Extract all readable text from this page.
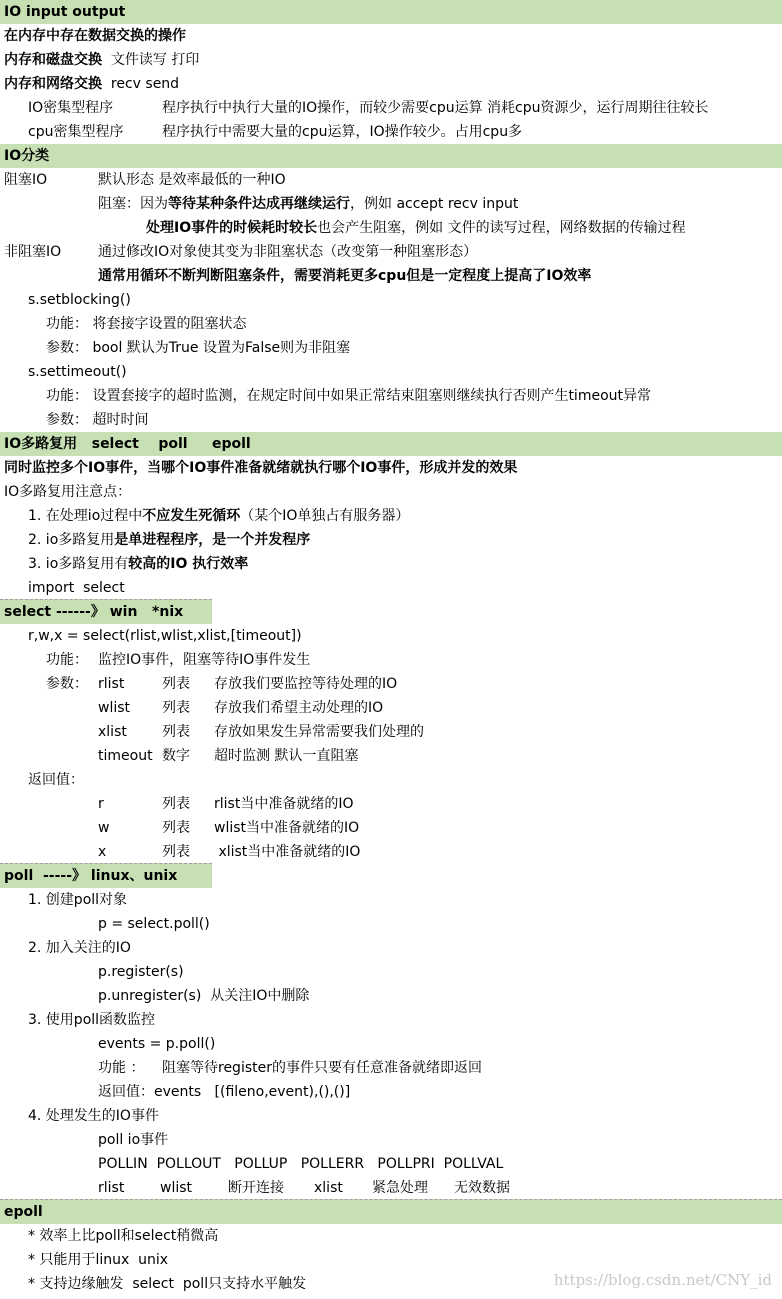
IO input output
在内存中存在数据交换的操作
内存和磁盘交换 文件读写 打印
内存和网络交换 recv send
IO密集型程序	程序执行中执行大量的IO操作，而较少需要cpu运算 消耗cpu资源少，运行周期往往较长
cpu密集型程序	程序执行中需要大量的cpu运算，IO操作较少。占用cpu多
IO分类
阻塞IO	默认形态 是效率最低的一种IO
阻塞：因为等待某种条件达成再继续运行，例如 accept recv input
处理IO事件的时候耗时较长也会产生阻塞，例如 文件的读写过程，网络数据的传输过程
非阻塞IO	通过修改IO对象使其变为非阻塞状态（改变第一种阻塞形态）
通常用循环不断判断阻塞条件，需要消耗更多cpu但是一定程度上提高了IO效率
s.setblocking()
功能： 将套接字设置的阻塞状态
参数： bool 默认为True 设置为False则为非阻塞
s.settimeout()
功能： 设置套接字的超时监测，在规定时间中如果正常结束阻塞则继续执行否则产生timeout异常
参数： 超时时间
IO多路复用   select    poll     epoll
同时监控多个IO事件，当哪个IO事件准备就绪就执行哪个IO事件，形成并发的效果
IO多路复用注意点：
1. 在处理io过程中不应发生死循环（某个IO单独占有服务器）
2. io多路复用是单进程程序，是一个并发程序
3. io多路复用有较高的IO 执行效率
import  select
select ------》 win   *nix
r,w,x = select(rlist,wlist,xlist,[timeout])
功能： 监控IO事件，阻塞等待IO事件发生
参数： rlist	列表 存放我们要监控等待处理的IO
wlist 列表 存放我们希望主动处理的IO
xlist	列表 存放如果发生异常需要我们处理的
timeout 数字 超时监测 默认一直阻塞
返回值：
r	列表 rlist当中准备就绪的IO
w	列表 wlist当中准备就绪的IO
x	列表 xlist当中准备就绪的IO
poll  -----》 linux、unix
1. 创建poll对象
p = select.poll()
2. 加入关注的IO
p.register(s)
p.unregister(s)  从关注IO中删除
3. 使用poll函数监控
events = p.poll()
功能 ： 阻塞等待register的事件只要有任意准备就绪即返回
返回值：events   [(fileno,event),(),()]
4. 处理发生的IO事件
poll io事件
POLLIN  POLLOUT   POLLUP   POLLERR   POLLPRI  POLLVAL
rlist	wlist	断开连接 xlist 紧急处理 无效数据
epoll
* 效率上比poll和select稍微高
* 只能用于linux  unix
* 支持边缘触发  select  poll只支持水平触发	https://blog.csdn.net/CNY_id
